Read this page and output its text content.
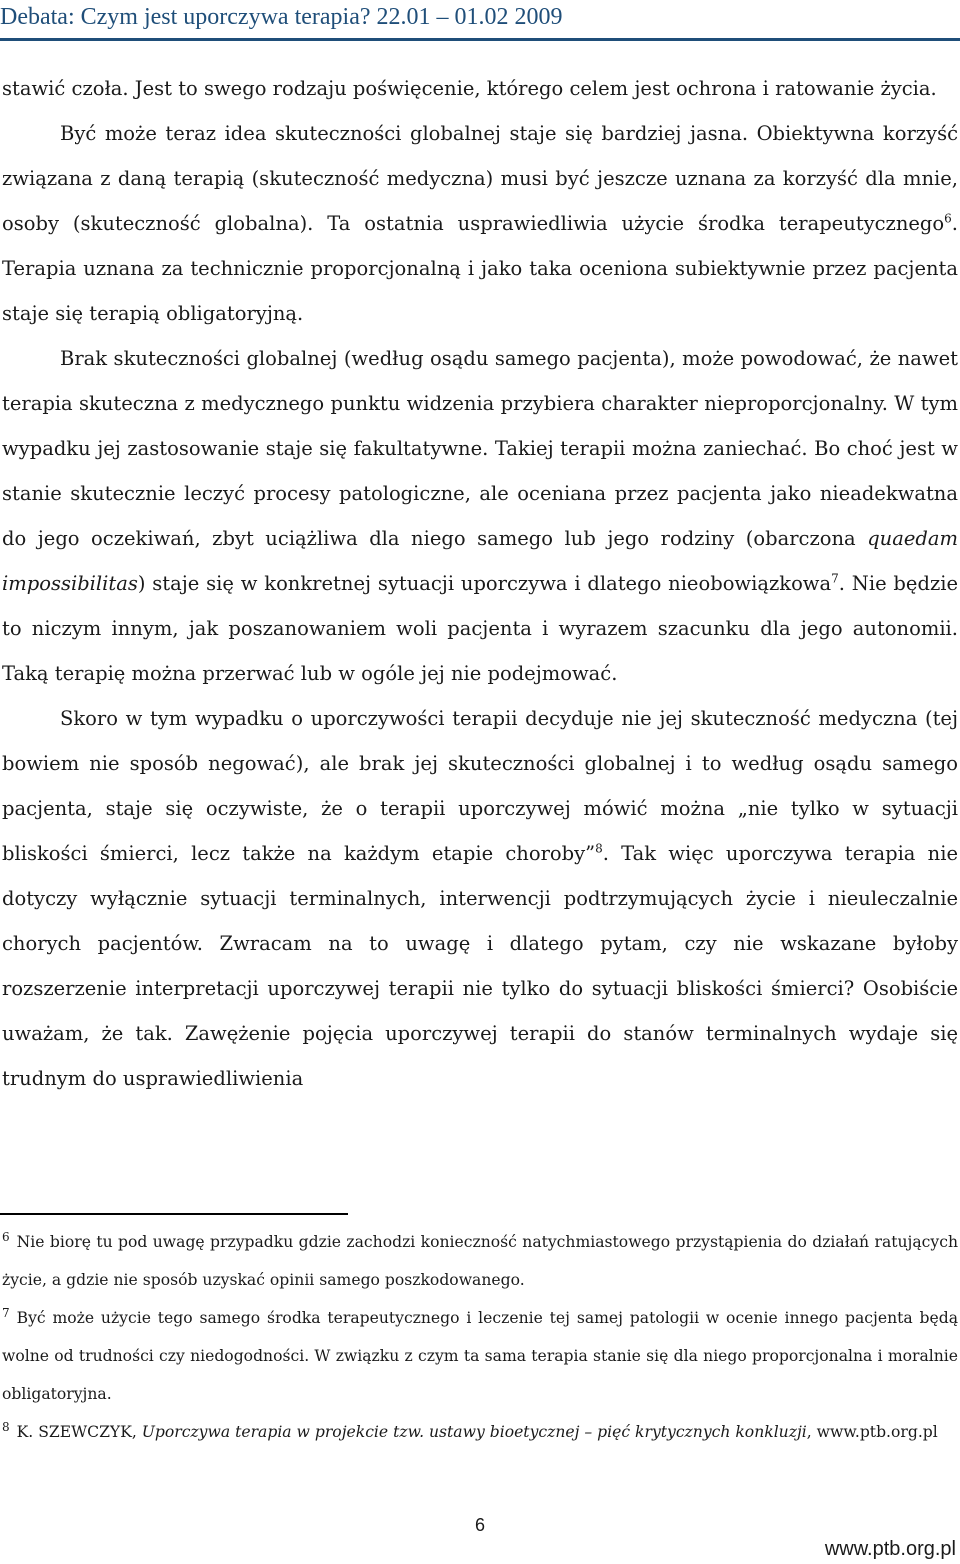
Debata: Czym jest uporczywa terapia? 22.01 – 01.02 2009

stawić czoła. Jest to swego rodzaju poświęcenie, którego celem jest ochrona i ratowanie życia.

Być może teraz idea skuteczności globalnej staje się bardziej jasna. Obiektywna korzyść związana z daną terapią (skuteczność medyczna) musi być jeszcze uznana za korzyść dla mnie, osoby (skuteczność globalna). Ta ostatnia usprawiedliwia użycie środka terapeutycznego$^6$. Terapia uznana za technicznie proporcjonalną i jako taka oceniona subiektywnie przez pacjenta staje się terapią obligatoryjną.

Brak skuteczności globalnej (według osądu samego pacjenta), może powodować, że nawet terapia skuteczna z medycznego punktu widzenia przybiera charakter nieproporcjonalny. W tym wypadku jej zastosowanie staje się fakultatywne. Takiej terapii można zaniechać. Bo choć jest w stanie skutecznie leczyć procesy patologiczne, ale oceniana przez pacjenta jako nieadekwatna do jego oczekiwań, zbyt uciążliwa dla niego samego lub jego rodziny (obarczona quaedam impossibilitas) staje się w konkretnej sytuacji uporczywa i dlatego nieobowiązkowa$^7$. Nie będzie to niczym innym, jak poszanowaniem woli pacjenta i wyrazem szacunku dla jego autonomii. Taką terapię można przerwać lub w ogóle jej nie podejmować.

Skoro w tym wypadku o uporczywości terapii decyduje nie jej skuteczność medyczna (tej bowiem nie sposób negować), ale brak jej skuteczności globalnej i to według osądu samego pacjenta, staje się oczywiste, że o terapii uporczywej mówić można „nie tylko w sytuacji bliskości śmierci, lecz także na każdym etapie choroby”$^8$. Tak więc uporczywa terapia nie dotyczy wyłącznie sytuacji terminalnych, interwencji podtrzymujących życie i nieuleczalnie chorych pacjentów. Zwracam na to uwagę i dlatego pytam, czy nie wskazane byłoby rozszerzenie interpretacji uporczywej terapii nie tylko do sytuacji bliskości śmierci? Osobiście uważam, że tak. Zawężenie pojęcia uporczywej terapii do stanów terminalnych wydaje się trudnym do usprawiedliwienia

$^6$ Nie biorę tu pod uwagę przypadku gdzie zachodzi konieczność natychmiastowego przystąpienia do działań ratujących życie, a gdzie nie sposób uzyskać opinii samego poszkodowanego.

$^7$ Być może użycie tego samego środka terapeutycznego i leczenie tej samej patologii w ocenie innego pacjenta będą wolne od trudności czy niedogodności. W związku z czym ta sama terapia stanie się dla niego proporcjonalna i moralnie obligatoryjna.

$^8$ K. SZEWCZYK, Uporczywa terapia w projekcie tzw. ustawy bioetycznej – pięć krytycznych konkluzji, www.ptb.org.pl

6
www.ptb.org.pl
